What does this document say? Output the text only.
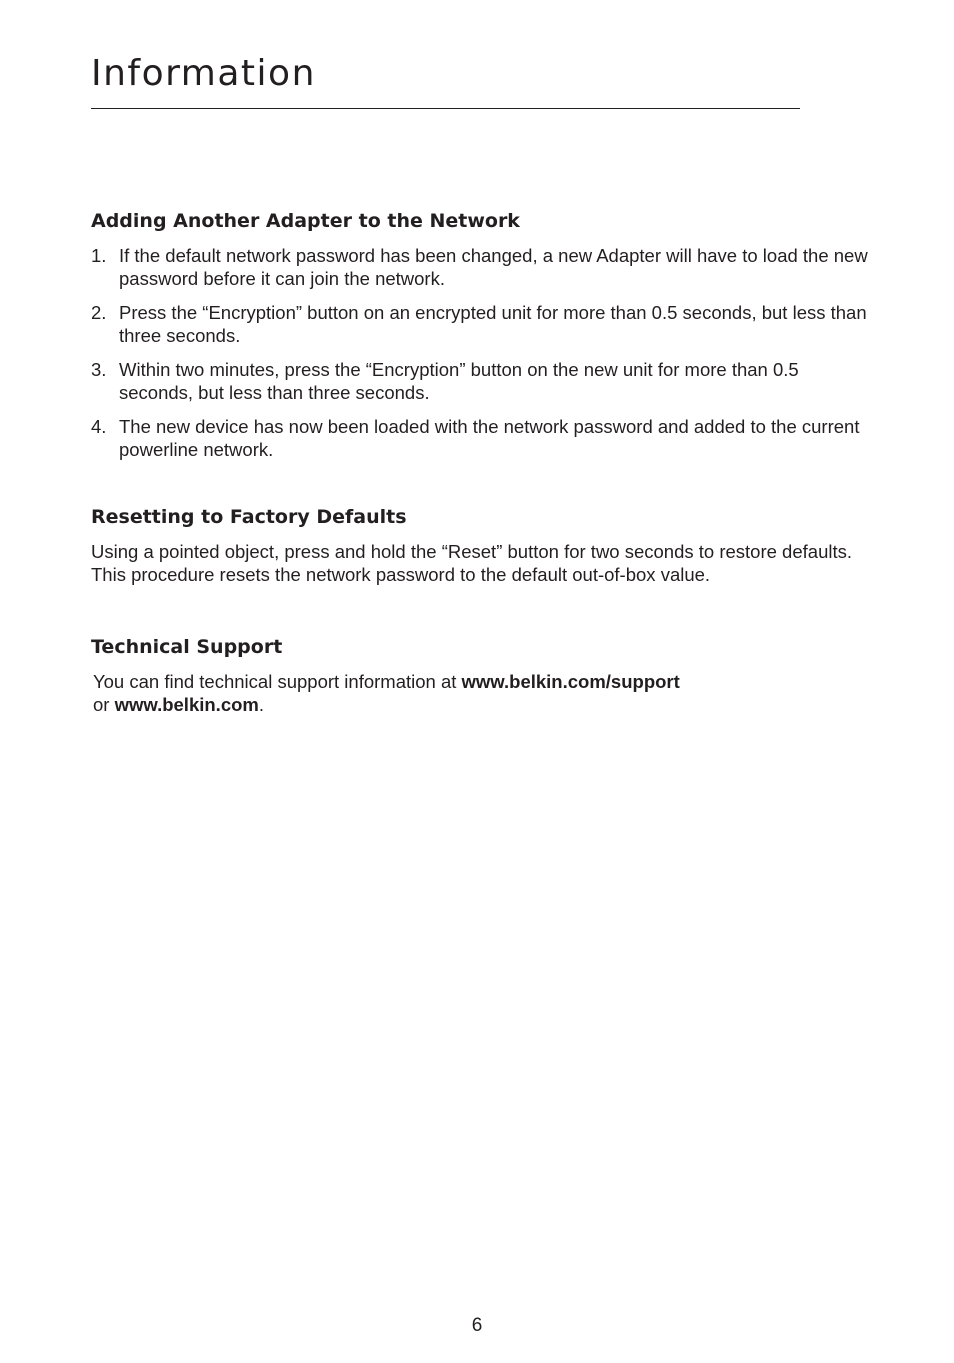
Information
Adding Another Adapter to the Network
1. If the default network password has been changed, a new Adapter will have to load the new password before it can join the network.
2. Press the “Encryption” button on an encrypted unit for more than 0.5 seconds, but less than three seconds.
3. Within two minutes, press the “Encryption” button on the new unit for more than 0.5 seconds, but less than three seconds.
4. The new device has now been loaded with the network password and added to the current powerline network.
Resetting to Factory Defaults

Using a pointed object, press and hold the “Reset” button for two seconds to restore defaults. This procedure resets the network password to the default out-of-box value.

Technical Support

You can find technical support information at www.belkin.com/support
or www.belkin.com.

6
